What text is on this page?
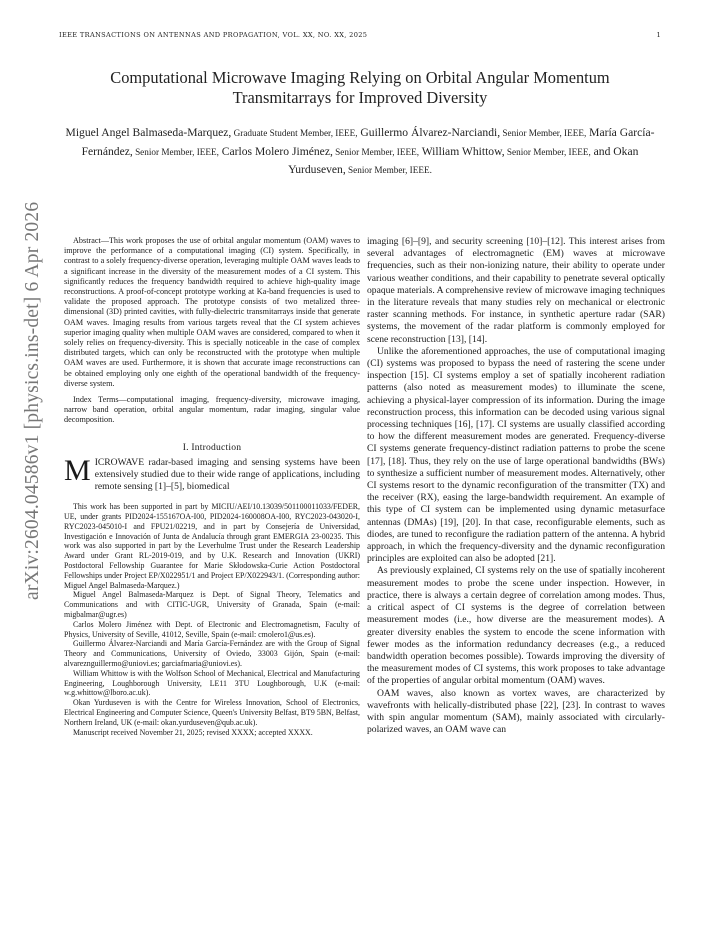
IEEE TRANSACTIONS ON ANTENNAS AND PROPAGATION, VOL. XX, NO. XX, 2025	1
Computational Microwave Imaging Relying on Orbital Angular Momentum Transmitarrays for Improved Diversity
Miguel Angel Balmaseda-Marquez, Graduate Student Member, IEEE, Guillermo Álvarez-Narciandi, Senior Member, IEEE, María García-Fernández, Senior Member, IEEE, Carlos Molero Jiménez, Senior Member, IEEE, William Whittow, Senior Member, IEEE, and Okan Yurduseven, Senior Member, IEEE.
arXiv:2604.04586v1 [physics.ins-det] 6 Apr 2026	Abstract—This work proposes the use of orbital angular momentum (OAM) waves to improve the performance of a computational imaging (CI) system. Specifically, in contrast to a solely frequency-diverse operation, leveraging multiple OAM waves leads to a significant increase in the diversity of the measurement modes of a CI system. This significantly reduces the frequency bandwidth required to achieve high-quality image reconstructions. A proof-of-concept prototype working at Ka-band frequencies is used to validate the proposed approach. The prototype consists of two metalized three-dimensional (3D) printed cavities, with fully-dielectric transmitarrays inside that generate OAM waves. Imaging results from various targets reveal that the CI system achieves superior imaging quality when multiple OAM waves are considered, compared to when it solely relies on frequency-diversity. This is specially noticeable in the case of complex distributed targets, which can only be reconstructed with the prototype when multiple OAM waves are used. Furthermore, it is shown that accurate image reconstructions can be obtained employing only one eighth of the operational bandwidth of the frequency-diverse system.

Index Terms—computational imaging, frequency-diversity, microwave imaging, narrow band operation, orbital angular momentum, radar imaging, singular value decomposition.

I. Introduction

MICROWAVE radar-based imaging and sensing systems have been extensively studied due to their wide range of applications, including remote sensing [1]–[5], biomedical

This work has been supported in part by MICIU/AEI/10.13039/501100011033/FEDER, UE, under grants PID2024-155167OA-I00, PID2024-160008OA-I00, RYC2023-043020-I, RYC2023-045010-I and FPU21/02219, and in part by Consejería de Universidad, Investigación e Innovación of Junta de Andalucía through grant EMERGIA 23-00235. This work was also supported in part by the Leverhulme Trust under the Research Leadership Award under Grant RL-2019-019, and by U.K. Research and Innovation (UKRI) Postdoctoral Fellowship Guarantee for Marie Skłodowska-Curie Action Postdoctoral Fellowships under Project EP/X022951/1 and Project EP/X022943/1. (Corresponding author: Miguel Angel Balmaseda-Marquez.)

Miguel Angel Balmaseda-Marquez is Dept. of Signal Theory, Telematics and Communications and with CITIC-UGR, University of Granada, Spain (e-mail: migbalmar@ugr.es)

Carlos Molero Jiménez with Dept. of Electronic and Electromagnetism, Faculty of Physics, University of Seville, 41012, Seville, Spain (e-mail: cmolero1@us.es).

Guillermo Álvarez-Narciandi and María García-Fernández are with the Group of Signal Theory and Communications, University of Oviedo, 33003 Gijón, Spain (e-mail: alvareznguillermo@uniovi.es; garciafmaria@uniovi.es).

William Whittow is with the Wolfson School of Mechanical, Electrical and Manufacturing Engineering, Loughborough University, LE11 3TU Loughborough, U.K (e-mail: w.g.whittow@lboro.ac.uk).

Okan Yurduseven is with the Centre for Wireless Innovation, School of Electronics, Electrical Engineering and Computer Science, Queen's University Belfast, BT9 5BN, Belfast, Northern Ireland, UK (e-mail: okan.yurduseven@qub.ac.uk).

Manuscript received November 21, 2025; revised XXXX; accepted XXXX.

imaging [6]–[9], and security screening [10]–[12]. This interest arises from several advantages of electromagnetic (EM) waves at microwave frequencies, such as their non-ionizing nature, their ability to operate under various weather conditions, and their capability to penetrate several optically opaque materials. A comprehensive review of microwave imaging techniques in the literature reveals that many studies rely on mechanical or electronic raster scanning methods. For instance, in synthetic aperture radar (SAR) systems, the movement of the radar platform is commonly employed for scene reconstruction [13], [14].

Unlike the aforementioned approaches, the use of computational imaging (CI) systems was proposed to bypass the need of rastering the scene under inspection [15]. CI systems employ a set of spatially incoherent radiation patterns (also noted as measurement modes) to illuminate the scene, achieving a physical-layer compression of its information. During the image reconstruction process, this information can be decoded using various signal processing techniques [16], [17]. CI systems are usually classified according to how the different measurement modes are generated. Frequency-diverse CI systems generate frequency-distinct radiation patterns to probe the scene [17], [18]. Thus, they rely on the use of large operational bandwidths (BWs) to synthesize a sufficient number of measurement modes. Alternatively, other CI systems resort to the dynamic reconfiguration of the transmitter (TX) and the receiver (RX), easing the large-bandwidth requirement. An example of this type of CI system can be implemented using dynamic metasurface antennas (DMAs) [19], [20]. In that case, reconfigurable elements, such as diodes, are tuned to reconfigure the radiation pattern of the antenna. A hybrid approach, in which the frequency-diversity and the dynamic reconfiguration principles are exploited can also be adopted [21].

As previously explained, CI systems rely on the use of spatially incoherent measurement modes to probe the scene under inspection. However, in practice, there is always a certain degree of correlation among modes. Thus, a critical aspect of CI systems is the degree of correlation between measurement modes (i.e., how diverse are the measurement modes). A greater diversity enables the system to encode the scene information with fewer modes as the information redundancy decreases (e.g., a reduced bandwidth operation becomes possible). Towards improving the diversity of the measurement modes of CI systems, this work proposes to take advantage of the properties of angular orbital momentum (OAM) waves.

OAM waves, also known as vortex waves, are characterized by wavefronts with helically-distributed phase [22], [23]. In contrast to waves with spin angular momentum (SAM), mainly associated with circularly-polarized waves, an OAM wave can
